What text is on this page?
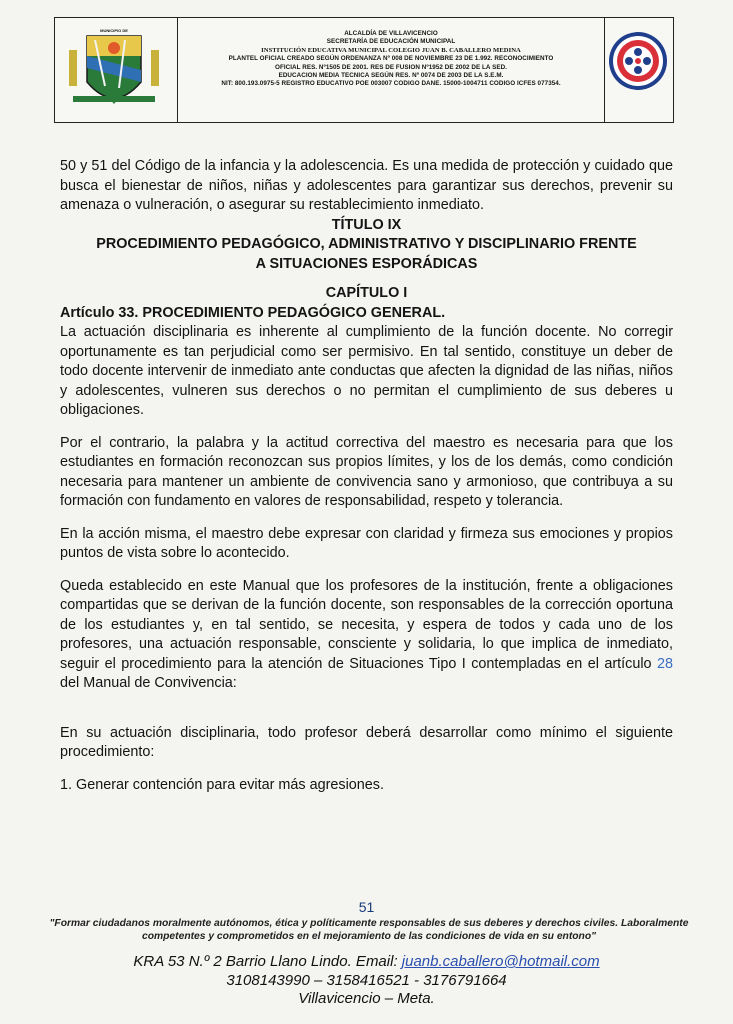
MUNICIPIO DE	ALCALDÍA DE VILLAVICENCIO
SECRETARÍA DE EDUCACIÓN MUNICIPAL
INSTITUCIÓN EDUCATIVA MUNICIPAL COLEGIO JUAN B. CABALLERO MEDINA
PLANTEL OFICIAL CREADO SEGÚN ORDENANZA Nº 008 DE NOVIEMBRE 23 DE 1.992. RECONOCIMIENTO
OFICIAL RES. Nº1505 DE 2001. RES DE FUSION Nº1952 DE 2002 DE LA SED.
EDUCACION MEDIA TECNICA SEGÚN RES. Nº 0074 DE 2003 DE LA S.E.M.
NIT: 800.193.0975-5 REGISTRO EDUCATIVO POE 003007 CODIGO DANE. 15000-1004711 CODIGO ICFES 077354.

50 y 51 del Código de la infancia y la adolescencia. Es una medida de protección y cuidado que busca el bienestar de niños, niñas y adolescentes para garantizar sus derechos, prevenir su amenaza o vulneración, o asegurar su restablecimiento inmediato.

TÍTULO IX
PROCEDIMIENTO PEDAGÓGICO, ADMINISTRATIVO Y DISCIPLINARIO FRENTE
A SITUACIONES ESPORÁDICAS
CAPÍTULO I
Artículo 33. PROCEDIMIENTO PEDAGÓGICO GENERAL.

La actuación disciplinaria es inherente al cumplimiento de la función docente. No corregir oportunamente es tan perjudicial como ser permisivo. En tal sentido, constituye un deber de todo docente intervenir de inmediato ante conductas que afecten la dignidad de las niñas, niños y adolescentes, vulneren sus derechos o no permitan el cumplimiento de sus deberes u obligaciones.

Por el contrario, la palabra y la actitud correctiva del maestro es necesaria para que los estudiantes en formación reconozcan sus propios límites, y los de los demás, como condición necesaria para mantener un ambiente de convivencia sano y armonioso, que contribuya a su formación con fundamento en valores de responsabilidad, respeto y tolerancia.

En la acción misma, el maestro debe expresar con claridad y firmeza sus emociones y propios puntos de vista sobre lo acontecido.

Queda establecido en este Manual que los profesores de la institución, frente a obligaciones compartidas que se derivan de la función docente, son responsables de la corrección oportuna de los estudiantes y, en tal sentido, se necesita, y espera de todos y cada uno de los profesores, una actuación responsable, consciente y solidaria, lo que implica de inmediato, seguir el procedimiento para la atención de Situaciones Tipo I contempladas en el artículo 28 del Manual de Convivencia:

En su actuación disciplinaria, todo profesor deberá desarrollar como mínimo el siguiente procedimiento:

1. Generar contención para evitar más agresiones.

51
"Formar ciudadanos moralmente autónomos, ética y políticamente responsables de sus deberes y derechos civiles. Laboralmente
competentes y comprometidos en el mejoramiento de las condiciones de vida en su entono"
KRA 53 N.º 2 Barrio Llano Lindo. Email: juanb.caballero@hotmail.com
3108143990 – 3158416521 - 3176791664
Villavicencio – Meta.
